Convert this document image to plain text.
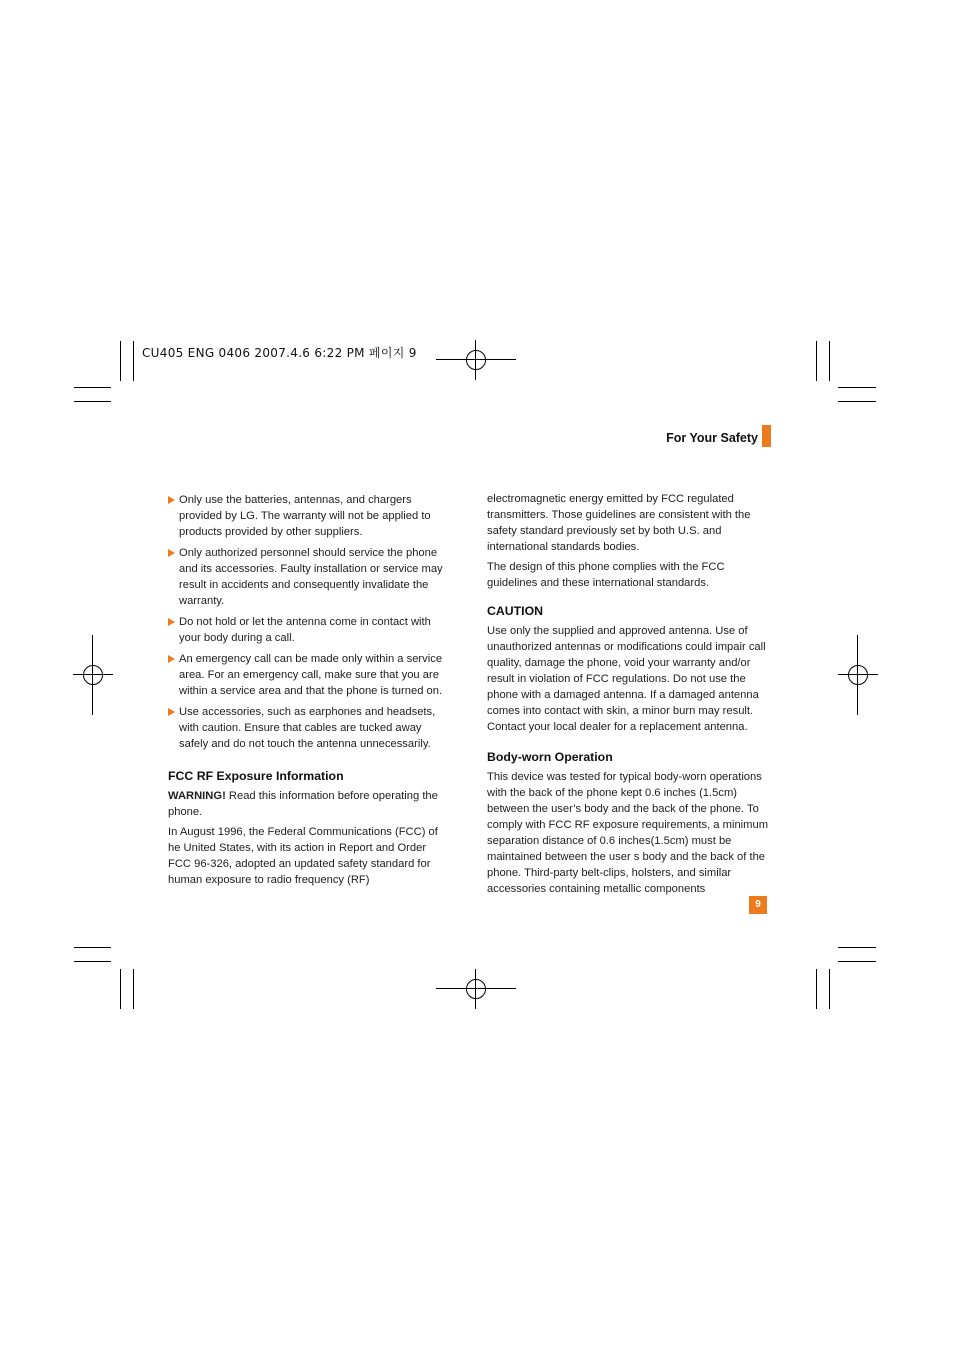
CU405 ENG 0406 2007.4.6 6:22 PM 페이지 9
For Your Safety
Only use the batteries, antennas, and chargers provided by LG. The warranty will not be applied to products provided by other suppliers.
Only authorized personnel should service the phone and its accessories. Faulty installation or service may result in accidents and consequently invalidate the warranty.
Do not hold or let the antenna come in contact with your body during a call.
An emergency call can be made only within a service area. For an emergency call, make sure that you are within a service area and that the phone is turned on.
Use accessories, such as earphones and headsets, with caution. Ensure that cables are tucked away safely and do not touch the antenna unnecessarily.
FCC RF Exposure Information

WARNING! Read this information before operating the phone.

In August 1996, the Federal Communications (FCC) of he United States, with its action in Report and Order FCC 96-326, adopted an updated safety standard for human exposure to radio frequency (RF)

electromagnetic energy emitted by FCC regulated transmitters. Those guidelines are consistent with the safety standard previously set by both U.S. and international standards bodies.

The design of this phone complies with the FCC guidelines and these international standards.

CAUTION

Use only the supplied and approved antenna. Use of unauthorized antennas or modifications could impair call quality, damage the phone, void your warranty and/or result in violation of FCC regulations. Do not use the phone with a damaged antenna. If a damaged antenna comes into contact with skin, a minor burn may result. Contact your local dealer for a replacement antenna.

Body-worn Operation

This device was tested for typical body-worn operations with the back of the phone kept 0.6 inches (1.5cm) between the user’s body and the back of the phone. To comply with FCC RF exposure requirements, a minimum separation distance of 0.6 inches(1.5cm) must be maintained between the user s body and the back of the phone. Third-party belt-clips, holsters, and similar accessories containing metallic components

9
